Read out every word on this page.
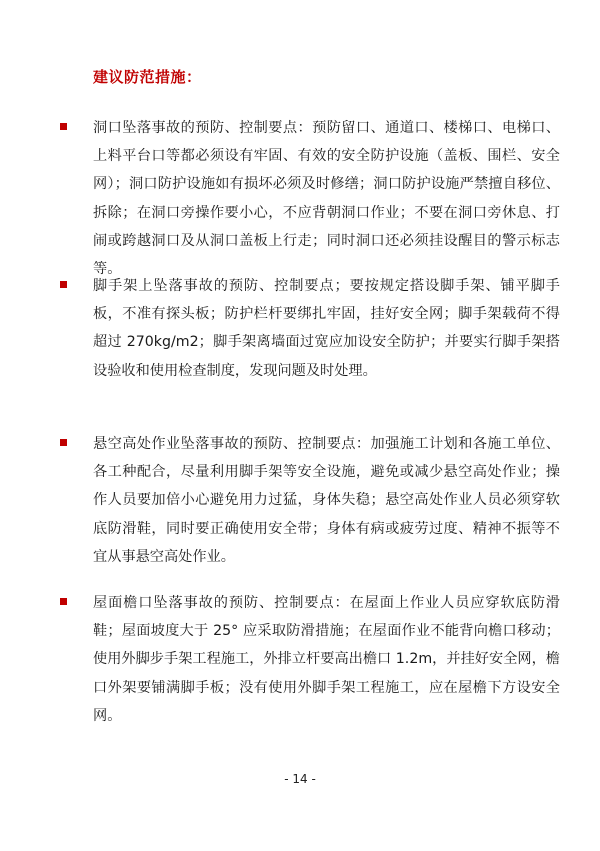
建议防范措施：
洞口坠落事故的预防、控制要点：预防留口、通道口、楼梯口、电梯口、上料平台口等都必须设有牢固、有效的安全防护设施（盖板、围栏、安全网）；洞口防护设施如有损坏必须及时修缮；洞口防护设施严禁擅自移位、拆除；在洞口旁操作要小心，不应背朝洞口作业；不要在洞口旁休息、打闹或跨越洞口及从洞口盖板上行走；同时洞口还必须挂设醒目的警示标志等。
脚手架上坠落事故的预防、控制要点；要按规定搭设脚手架、铺平脚手板，不准有探头板；防护栏杆要绑扎牢固，挂好安全网；脚手架载荷不得超过 270kg/m2；脚手架离墙面过宽应加设安全防护；并要实行脚手架搭设验收和使用检查制度，发现问题及时处理。
悬空高处作业坠落事故的预防、控制要点：加强施工计划和各施工单位、各工种配合，尽量利用脚手架等安全设施，避免或减少悬空高处作业；操作人员要加倍小心避免用力过猛，身体失稳；悬空高处作业人员必须穿软底防滑鞋，同时要正确使用安全带；身体有病或疲劳过度、精神不振等不宜从事悬空高处作业。
屋面檐口坠落事故的预防、控制要点：在屋面上作业人员应穿软底防滑鞋；屋面坡度大于 25° 应采取防滑措施；在屋面作业不能背向檐口移动；使用外脚步手架工程施工，外排立杆要高出檐口 1.2m，并挂好安全网，檐口外架要铺满脚手板；没有使用外脚手架工程施工，应在屋檐下方设安全网。
- 14 -
